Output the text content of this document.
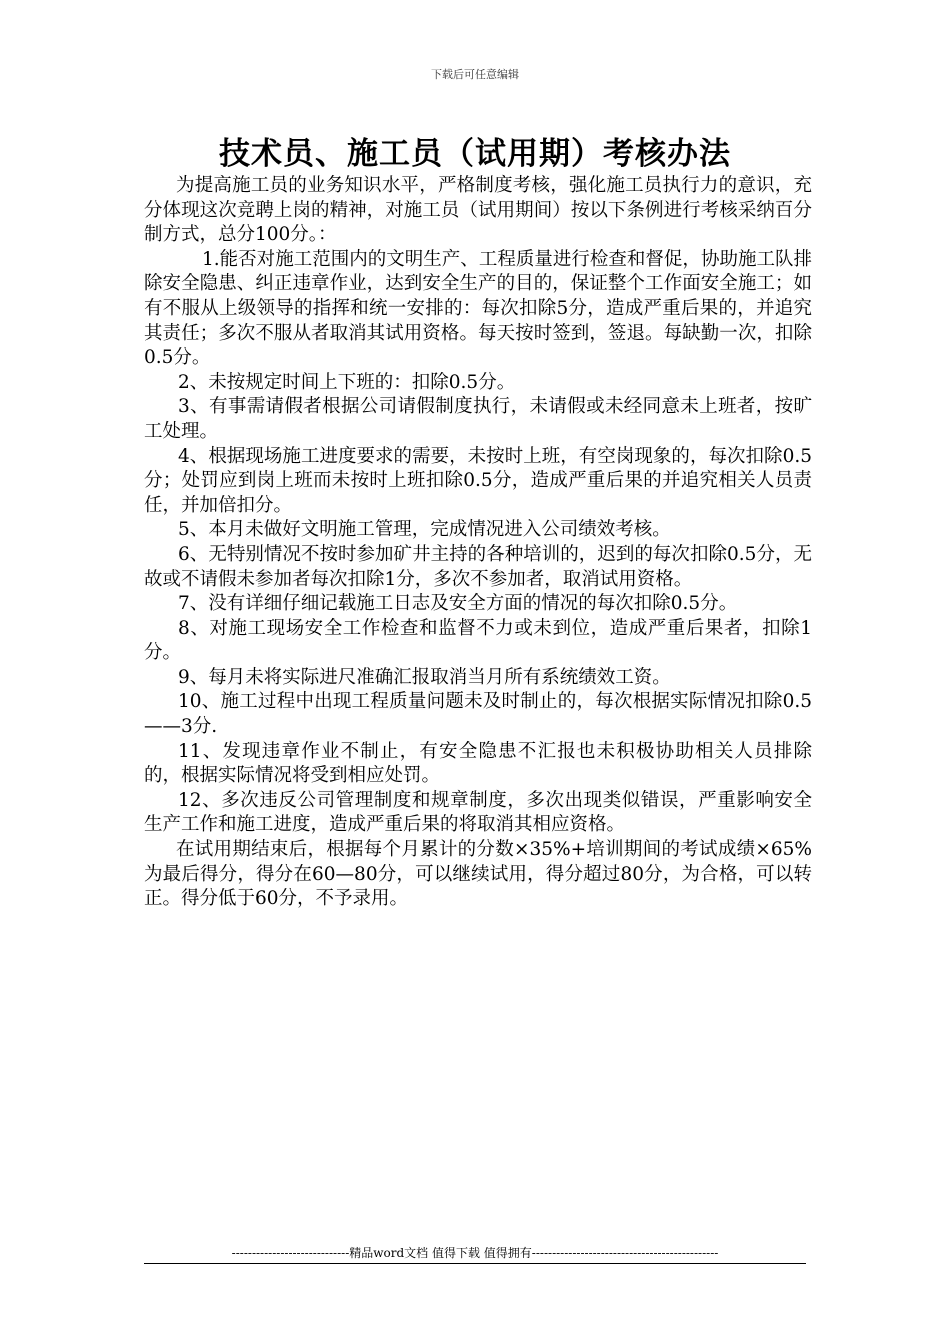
下载后可任意编辑
技术员、施工员（试用期）考核办法

为提高施工员的业务知识水平，严格制度考核，强化施工员执行力的意识，充分体现这次竞聘上岗的精神，对施工员（试用期间）按以下条例进行考核采纳百分制方式，总分100分。：

1.能否对施工范围内的文明生产、工程质量进行检查和督促，协助施工队排除安全隐患、纠正违章作业，达到安全生产的目的，保证整个工作面安全施工；如有不服从上级领导的指挥和统一安排的：每次扣除5分，造成严重后果的，并追究其责任；多次不服从者取消其试用资格。每天按时签到，签退。每缺勤一次，扣除0.5分。

2、未按规定时间上下班的：扣除0.5分。

3、有事需请假者根据公司请假制度执行，未请假或未经同意未上班者，按旷工处理。

4、根据现场施工进度要求的需要，未按时上班，有空岗现象的，每次扣除0.5分；处罚应到岗上班而未按时上班扣除0.5分，造成严重后果的并追究相关人员责任，并加倍扣分。

5、本月未做好文明施工管理，完成情况进入公司绩效考核。

6、无特别情况不按时参加矿井主持的各种培训的，迟到的每次扣除0.5分，无故或不请假未参加者每次扣除1分，多次不参加者，取消试用资格。

7、没有详细仔细记载施工日志及安全方面的情况的每次扣除0.5分。

8、对施工现场安全工作检查和监督不力或未到位，造成严重后果者，扣除1分。

9、每月未将实际进尺准确汇报取消当月所有系统绩效工资。

10、施工过程中出现工程质量问题未及时制止的，每次根据实际情况扣除0.5——3分.

11、发现违章作业不制止，有安全隐患不汇报也未积极协助相关人员排除的，根据实际情况将受到相应处罚。

12、多次违反公司管理制度和规章制度，多次出现类似错误，严重影响安全生产工作和施工进度，造成严重后果的将取消其相应资格。

在试用期结束后，根据每个月累计的分数×35%+培训期间的考试成绩×65%为最后得分，得分在60—80分，可以继续试用，得分超过80分，为合格，可以转正。得分低于60分，不予录用。

-----------------------------精品word文档 值得下载 值得拥有----------------------------------------------
